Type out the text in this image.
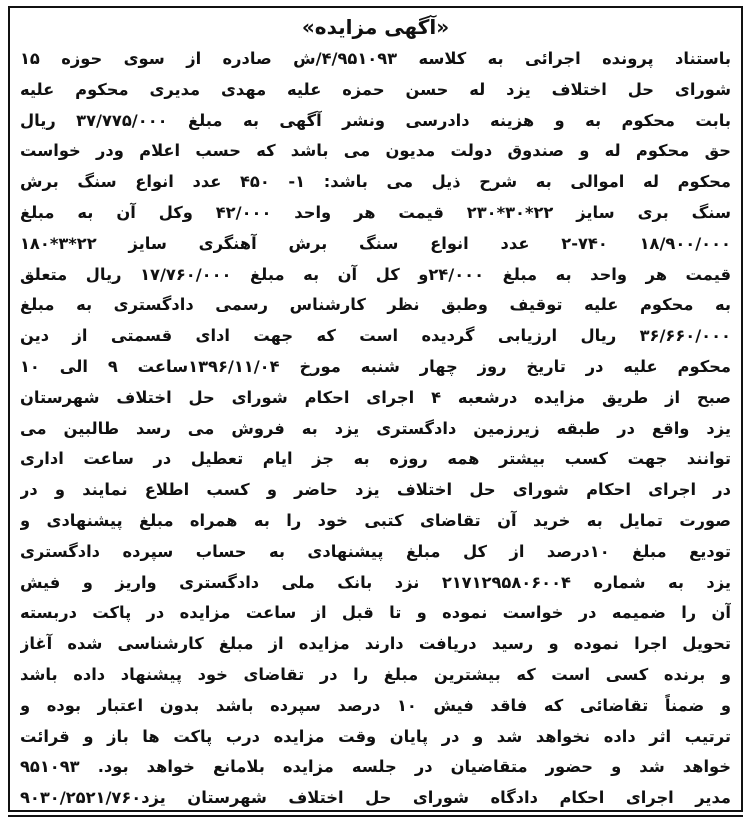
«آگهی مزایده»
باستناد پرونده اجرائی به کلاسه ۴/۹۵۱۰۹۳/ش صادره از سوی حوزه ۱۵
شورای حل اختلاف یزد له حسن حمزه علیه مهدی مدیری محکوم علیه
بابت محکوم به و هزینه دادرسی ونشر آگهی به مبلغ ۳۷/۷۷۵/۰۰۰ ریال
حق محکوم له و صندوق دولت مدیون می باشد که حسب اعلام ودر خواست
محکوم له اموالی به شرح ذیل می باشد: ۱- ۴۵۰ عدد انواع سنگ برش
سنگ بری سایز ۲۲*۳۰*۲۳۰ قیمت هر واحد ۴۲/۰۰۰ وکل آن به مبلغ
۱۸/۹۰۰/۰۰۰ ۲-۷۴۰ عدد انواع سنگ برش آهنگری سایز ۲۲*۳*۱۸۰
قیمت هر واحد به مبلغ ۲۴/۰۰۰و کل آن به مبلغ ۱۷/۷۶۰/۰۰۰ ریال متعلق
به محکوم علیه توقیف وطبق نظر کارشناس رسمی دادگستری به مبلغ
۳۶/۶۶۰/۰۰۰ ریال ارزیابی گردیده است که جهت ادای قسمتی از دین
محکوم علیه در تاریخ روز چهار شنبه مورخ ۱۳۹۶/۱۱/۰۴ساعت ۹ الی ۱۰
صبح از طریق مزایده درشعبه ۴ اجرای احکام شورای حل اختلاف شهرستان
یزد واقع در طبقه زیرزمین دادگستری یزد به فروش می رسد طالبین می
توانند جهت کسب بیشتر همه روزه به جز ایام تعطیل در ساعت اداری
در اجرای احکام شورای حل اختلاف یزد حاضر و کسب اطلاع نمایند و در
صورت تمایل به خرید آن تقاضای کتبی خود را به همراه مبلغ پیشنهادی و
تودیع مبلغ ۱۰درصد از کل مبلغ پیشنهادی به حساب سپرده دادگستری
یزد به شماره ۲۱۷۱۲۹۵۸۰۶۰۰۴ نزد بانک ملی دادگستری واریز و فیش
آن را ضمیمه در خواست نموده و تا قبل از ساعت مزایده در پاکت دربسته
تحویل اجرا نموده و رسید دریافت دارند مزایده از مبلغ کارشناسی شده آغاز
و برنده کسی است که بیشترین مبلغ را در تقاضای خود پیشنهاد داده باشد
و ضمناً تقاضائی که فاقد فیش ۱۰ درصد سپرده باشد بدون اعتبار بوده و
ترتیب اثر داده نخواهد شد و در پایان وقت مزایده درب پاکت ها باز و قرائت
خواهد شد و حضور متقاضیان در جلسه مزایده بلامانع خواهد بود. ۹۵۱۰۹۳
مدیر اجرای احکام دادگاه شورای حل اختلاف شهرستان یزد۹۰۳۰/۲۵۲۱/۷۶۰
